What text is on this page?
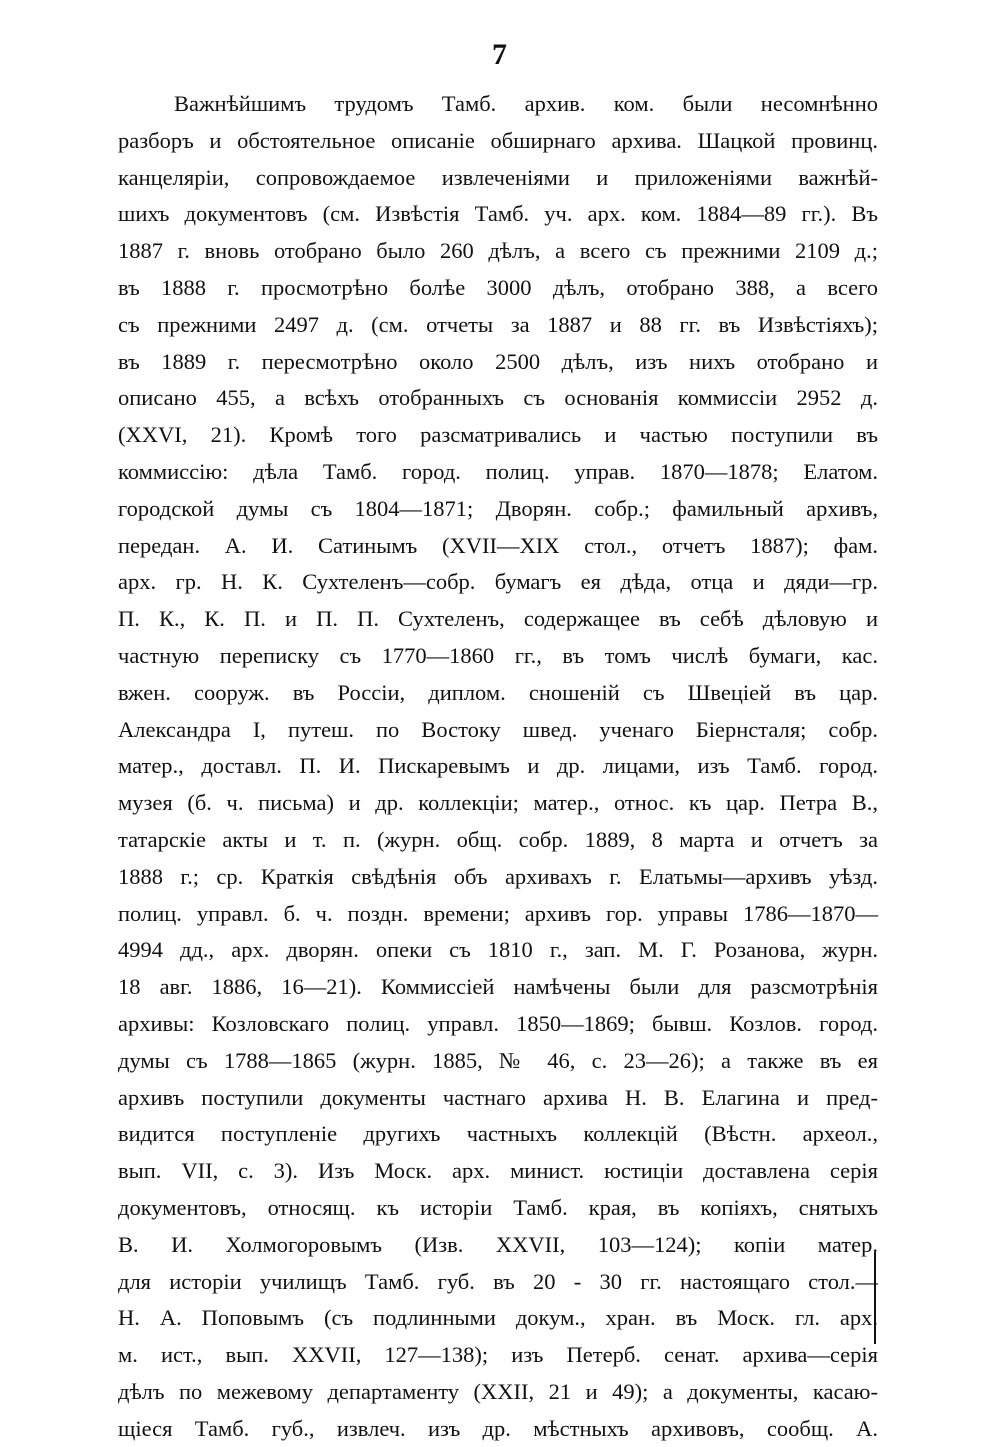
7
Важнѣйшимъ трудомъ Тамб. архив. ком. были несомнѣнно
разборъ и обстоятельное описаніе обширнаго архива. Шацкой провинц.
канцеляріи, сопровождаемое извлеченіями и приложеніями важнѣй-
шихъ документовъ (см. Извѣстія Тамб. уч. арх. ком. 1884—89 гг.). Въ
1887 г. вновь отобрано было 260 дѣлъ, а всего съ прежними 2109 д.;
въ 1888 г. просмотрѣно болѣе 3000 дѣлъ, отобрано 388, а всего
съ прежними 2497 д. (см. отчеты за 1887 и 88 гг. въ Извѣстіяхъ);
въ 1889 г. пересмотрѣно около 2500 дѣлъ, изъ нихъ отобрано и
описано 455, а всѣхъ отобранныхъ съ основанія коммиссіи 2952 д.
(XXVI, 21). Кромѣ того разсматривались и частью поступили въ
коммиссію: дѣла Тамб. город. полиц. управ. 1870—1878; Елатом.
городской думы съ 1804—1871; Дворян. собр.; фамильный архивъ,
передан. А. И. Сатинымъ (XVII—XIX стол., отчетъ 1887); фам.
арх. гр. Н. К. Сухтеленъ—собр. бумагъ ея дѣда, отца и дяди—гр.
П. К., К. П. и П. П. Сухтеленъ, содержащее въ себѣ дѣловую и
частную переписку съ 1770—1860 гг., въ томъ числѣ бумаги, кас.
вжен. сооруж. въ Россіи, диплом. сношеній съ Швеціей въ цар.
Александра I, путеш. по Востоку швед. ученаго Біернсталя; собр.
матер., доставл. П. И. Пискаревымъ и др. лицами, изъ Тамб. город.
музея (б. ч. письма) и др. коллекціи; матер., относ. къ цар. Петра В.,
татарскіе акты и т. п. (журн. общ. собр. 1889, 8 марта и отчетъ за
1888 г.; ср. Краткія свѣдѣнія объ архивахъ г. Елатьмы—архивъ уѣзд.
полиц. управл. б. ч. поздн. времени; архивъ гор. управы 1786—1870—
4994 дд., арх. дворян. опеки съ 1810 г., зап. М. Г. Розанова, журн.
18 авг. 1886, 16—21). Коммиссіей намѣчены были для разсмотрѣнія
архивы: Козловскаго полиц. управл. 1850—1869; бывш. Козлов. город.
думы съ 1788—1865 (журн. 1885, № 46, с. 23—26); а также въ ея
архивъ поступили документы частнаго архива Н. В. Елагина и пред-
видится поступленіе другихъ частныхъ коллекцій (Вѣстн. археол.,
вып. VII, с. 3). Изъ Моск. арх. минист. юстиціи доставлена серія
документовъ, относящ. къ исторіи Тамб. края, въ копіяхъ, снятыхъ
В. И. Холмогоровымъ (Изв. XXVII, 103—124); копіи матер.
для исторіи училищъ Тамб. губ. въ 20 - 30 гг. настоящаго стол.—
Н. А. Поповымъ (съ подлинными докум., хран. въ Моск. гл. арх.
м. ист., вып. XXVII, 127—138); изъ Петерб. сенат. архива—серія
дѣлъ по межевому департаменту (XXII, 21 и 49); а документы, касаю-
щіеся Тамб. губ., извлеч. изъ др. мѣстныхъ архивовъ, сообщ. А.
